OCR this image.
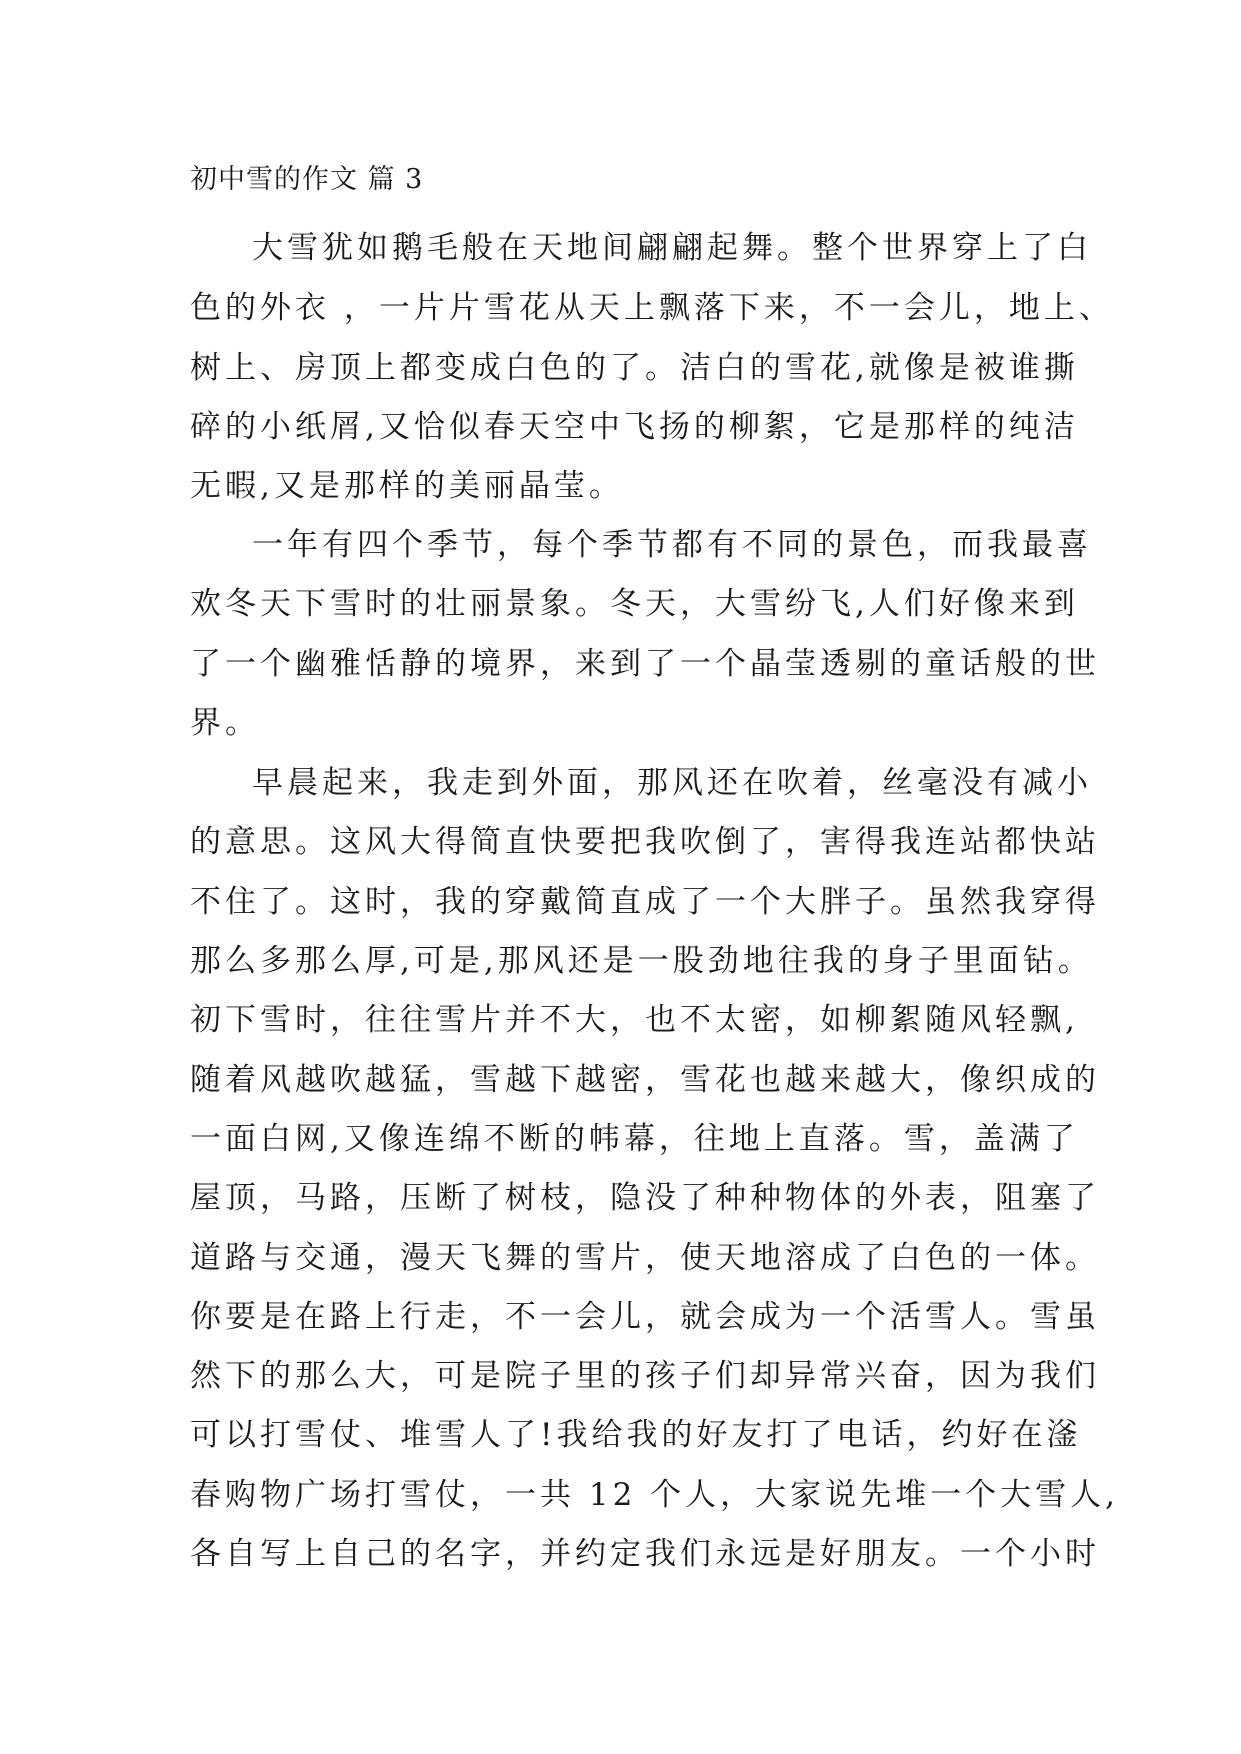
初中雪的作文 篇 3
大雪犹如鹅毛般在天地间翩翩起舞。整个世界穿上了白
色的外衣 ，一片片雪花从天上飘落下来，不一会儿，地上、
树上、房顶上都变成白色的了。洁白的雪花,就像是被谁撕
碎的小纸屑,又恰似春天空中飞扬的柳絮，它是那样的纯洁
无暇,又是那样的美丽晶莹。
一年有四个季节，每个季节都有不同的景色，而我最喜
欢冬天下雪时的壮丽景象。冬天，大雪纷飞,人们好像来到
了一个幽雅恬静的境界，来到了一个晶莹透剔的童话般的世
界。
早晨起来，我走到外面，那风还在吹着，丝毫没有减小
的意思。这风大得简直快要把我吹倒了，害得我连站都快站
不住了。这时，我的穿戴简直成了一个大胖子。虽然我穿得
那么多那么厚,可是,那风还是一股劲地往我的身子里面钻。
初下雪时，往往雪片并不大，也不太密，如柳絮随风轻飘,
随着风越吹越猛，雪越下越密，雪花也越来越大，像织成的
一面白网,又像连绵不断的帏幕，往地上直落。雪，盖满了
屋顶，马路，压断了树枝，隐没了种种物体的外表，阻塞了
道路与交通，漫天飞舞的雪片，使天地溶成了白色的一体。
你要是在路上行走，不一会儿，就会成为一个活雪人。雪虽
然下的那么大，可是院子里的孩子们却异常兴奋，因为我们
可以打雪仗、堆雪人了!我给我的好友打了电话，约好在滏
春购物广场打雪仗，一共 12 个人，大家说先堆一个大雪人,
各自写上自己的名字，并约定我们永远是好朋友。一个小时
